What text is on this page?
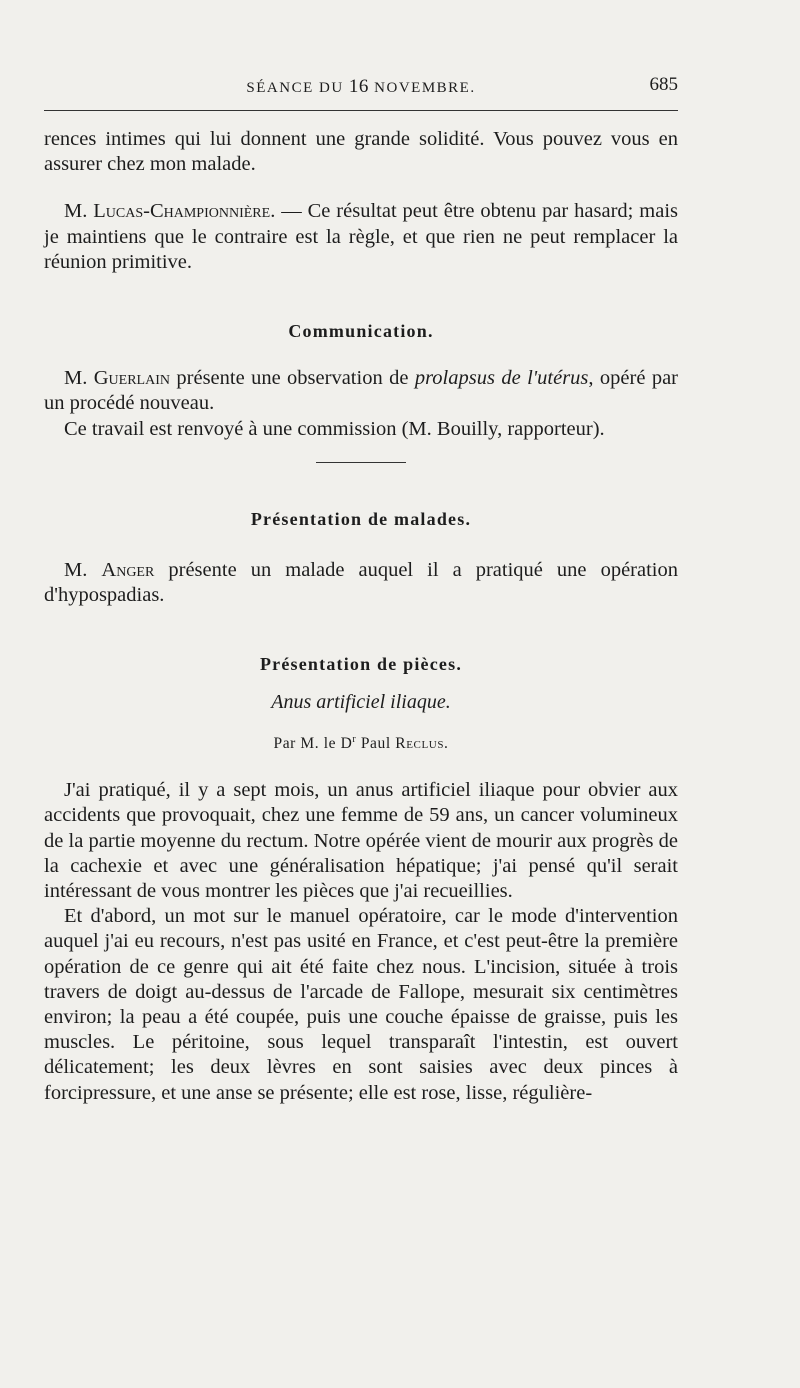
SÉANCE DU 16 NOVEMBRE.	685

rences intimes qui lui donnent une grande solidité. Vous pouvez vous en assurer chez mon malade.

M. Lucas-Championnière. — Ce résultat peut être obtenu par hasard; mais je maintiens que le contraire est la règle, et que rien ne peut remplacer la réunion primitive.

Communication.

M. Guerlain présente une observation de prolapsus de l'utérus, opéré par un procédé nouveau.

Ce travail est renvoyé à une commission (M. Bouilly, rapporteur).

Présentation de malades.

M. Anger présente un malade auquel il a pratiqué une opération d'hypospadias.

Présentation de pièces.
Anus artificiel iliaque.
Par M. le $D^r$ Paul Reclus.

J'ai pratiqué, il y a sept mois, un anus artificiel iliaque pour obvier aux accidents que provoquait, chez une femme de 59 ans, un cancer volumineux de la partie moyenne du rectum. Notre opérée vient de mourir aux progrès de la cachexie et avec une généralisation hépatique; j'ai pensé qu'il serait intéressant de vous montrer les pièces que j'ai recueillies.

Et d'abord, un mot sur le manuel opératoire, car le mode d'intervention auquel j'ai eu recours, n'est pas usité en France, et c'est peut-être la première opération de ce genre qui ait été faite chez nous. L'incision, située à trois travers de doigt au-dessus de l'arcade de Fallope, mesurait six centimètres environ; la peau a été coupée, puis une couche épaisse de graisse, puis les muscles. Le péritoine, sous lequel transparaît l'intestin, est ouvert délicatement; les deux lèvres en sont saisies avec deux pinces à forcipressure, et une anse se présente; elle est rose, lisse, régulière-
